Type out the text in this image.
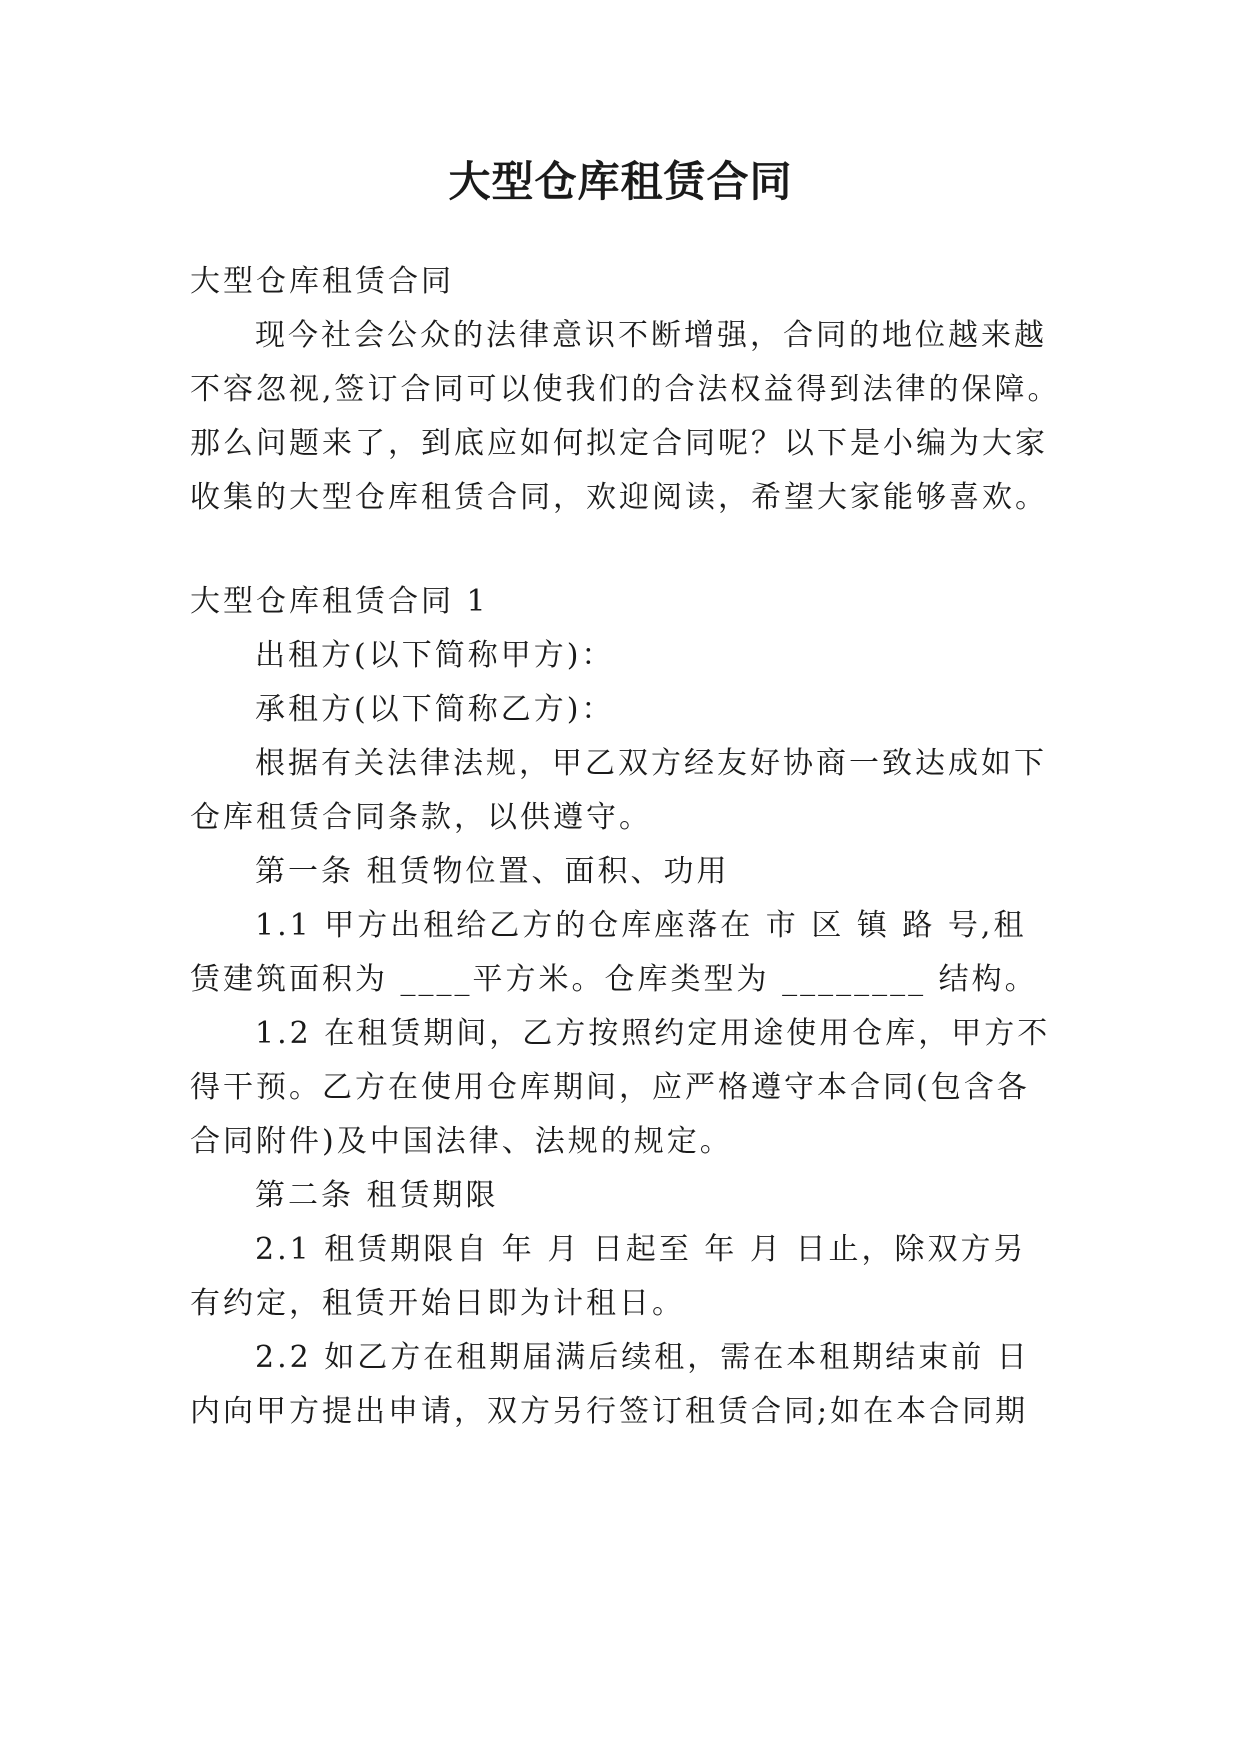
大型仓库租赁合同
大型仓库租赁合同
现今社会公众的法律意识不断增强，合同的地位越来越
不容忽视,签订合同可以使我们的合法权益得到法律的保障。
那么问题来了，到底应如何拟定合同呢？以下是小编为大家
收集的大型仓库租赁合同，欢迎阅读，希望大家能够喜欢。
大型仓库租赁合同 1
出租方(以下简称甲方)：
承租方(以下简称乙方)：
根据有关法律法规，甲乙双方经友好协商一致达成如下
仓库租赁合同条款，以供遵守。
第一条 租赁物位置、面积、功用
1.1 甲方出租给乙方的仓库座落在 市 区 镇 路 号,租
赁建筑面积为 ____平方米。仓库类型为 ________ 结构。
1.2 在租赁期间，乙方按照约定用途使用仓库，甲方不
得干预。乙方在使用仓库期间，应严格遵守本合同(包含各
合同附件)及中国法律、法规的规定。
第二条 租赁期限
2.1 租赁期限自 年 月 日起至 年 月 日止，除双方另
有约定，租赁开始日即为计租日。
2.2 如乙方在租期届满后续租，需在本租期结束前 日
内向甲方提出申请，双方另行签订租赁合同;如在本合同期
